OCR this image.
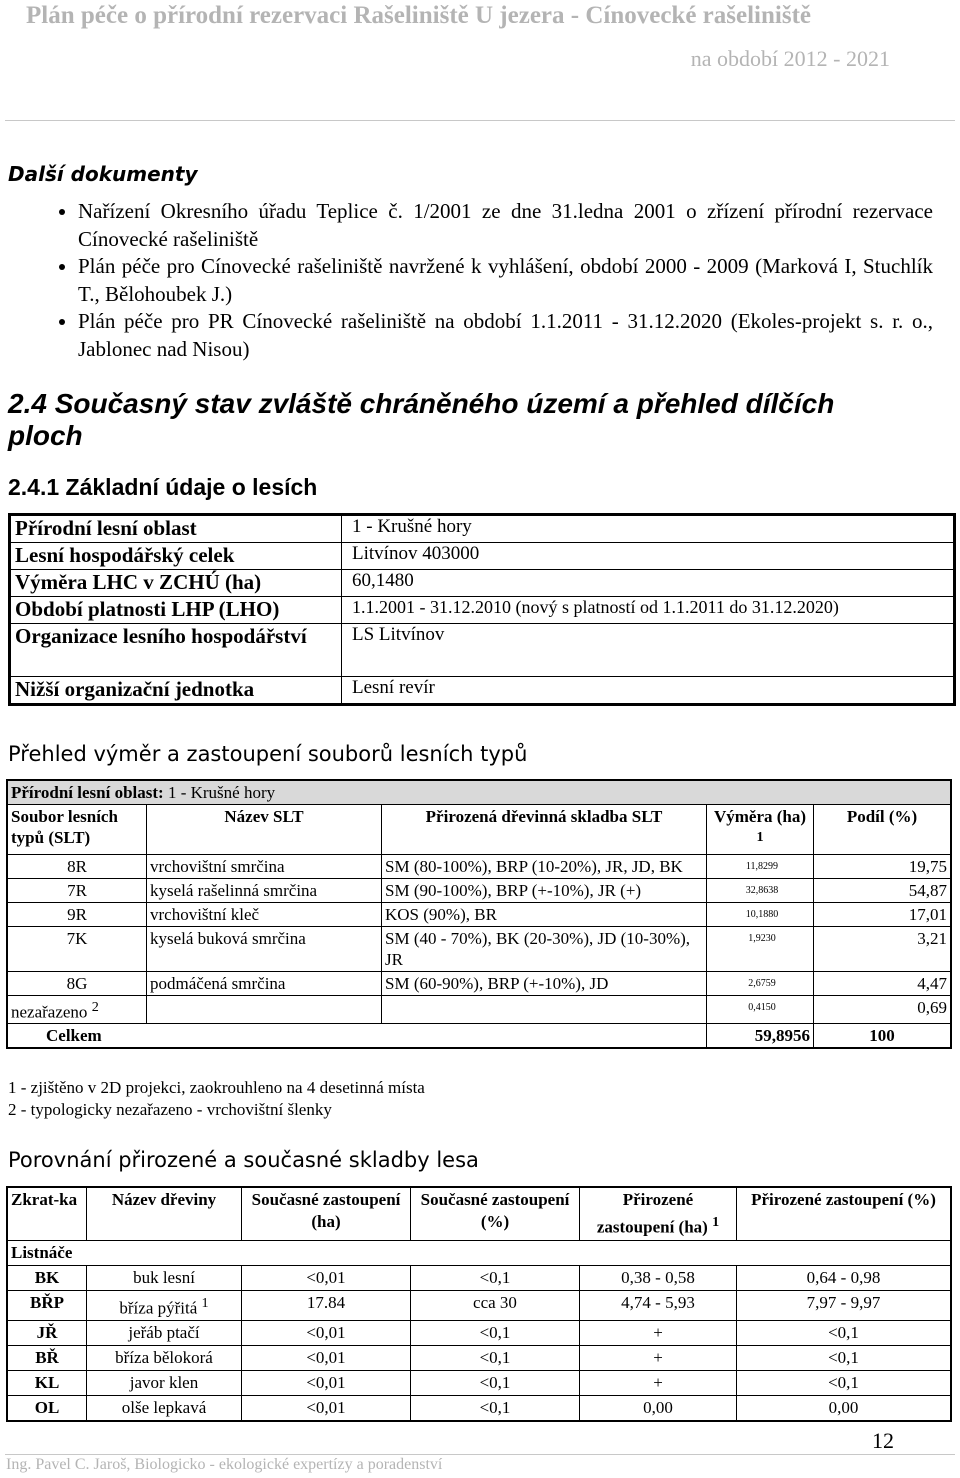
Plán péče o přírodní rezervaci Rašeliniště U jezera - Cínovecké rašeliniště
na období 2012 - 2021
Další dokumenty
• Nařízení Okresního úřadu Teplice č. 1/2001 ze dne 31.ledna 2001 o zřízení přírodní rezervace Cínovecké rašeliniště
• Plán péče pro Cínovecké rašeliniště navržené k vyhlášení, období 2000 - 2009 (Marková I, Stuchlík T., Bělohoubek J.)
• Plán péče pro PR Cínovecké rašeliniště na období 1.1.2011 - 31.12.2020 (Ekoles-projekt s. r. o., Jablonec nad Nisou)
2.4 Současný stav zvláště chráněného území a přehled dílčích ploch
2.4.1 Základní údaje o lesích
Přírodní lesní oblast	1 - Krušné hory
Lesní hospodářský celek	Litvínov 403000
Výměra LHC v ZCHÚ (ha)	60,1480
Období platnosti LHP (LHO)	1.1.2001 - 31.12.2010 (nový s platností od 1.1.2011 do 31.12.2020)
Organizace lesního hospodářství	LS Litvínov
Nižší organizační jednotka	Lesní revír
Přehled výměr a zastoupení souborů lesních typů
Přírodní lesní oblast: 1 - Krušné hory				
Soubor lesních typů (SLT)	Název SLT	Přirozená dřevinná skladba SLT	Výměra (ha) $^1$	Podíl (%)
8R	vrchovištní smrčina	SM (80-100%), BRP (10-20%), JR, JD, BK	11,8299	19,75
7R	kyselá rašelinná smrčina	SM (90-100%), BRP (+-10%), JR (+)	32,8638	54,87
9R	vrchovištní kleč	KOS (90%), BR	10,1880	17,01
7K	kyselá buková smrčina	SM (40 - 70%), BK (20-30%), JD (10-30%), JR	1,9230	3,21
8G	podmáčená smrčina	SM (60-90%), BRP (+-10%), JD	2,6759	4,47
nezařazeno $^2$			0,4150	0,69
Celkem			59,8956	100
1 - zjištěno v 2D projekci, zaokrouhleno na 4 desetinná místa
2 - typologicky nezařazeno - vrchovištní šlenky
Porovnání přirozené a současné skladby lesa
Zkrat-ka	Název dřeviny	Současné zastoupení (ha)	Současné zastoupení (%)	Přirozené zastoupení (ha) $^1$	Přirozené zastoupení (%)
Listnáče					
BK	buk lesní	<0,01	<0,1	0,38 - 0,58	0,64 - 0,98
BŘP	bříza pýřitá $^1$	17.84	cca 30	4,74 - 5,93	7,97 - 9,97
JŘ	jeřáb ptačí	<0,01	<0,1	+	<0,1
BŘ	bříza bělokorá	<0,01	<0,1	+	<0,1
KL	javor klen	<0,01	<0,1	+	<0,1
OL	olše lepkavá	<0,01	<0,1	0,00	0,00
12
Ing. Pavel C. Jaroš, Biologicko - ekologické expertízy a poradenství
